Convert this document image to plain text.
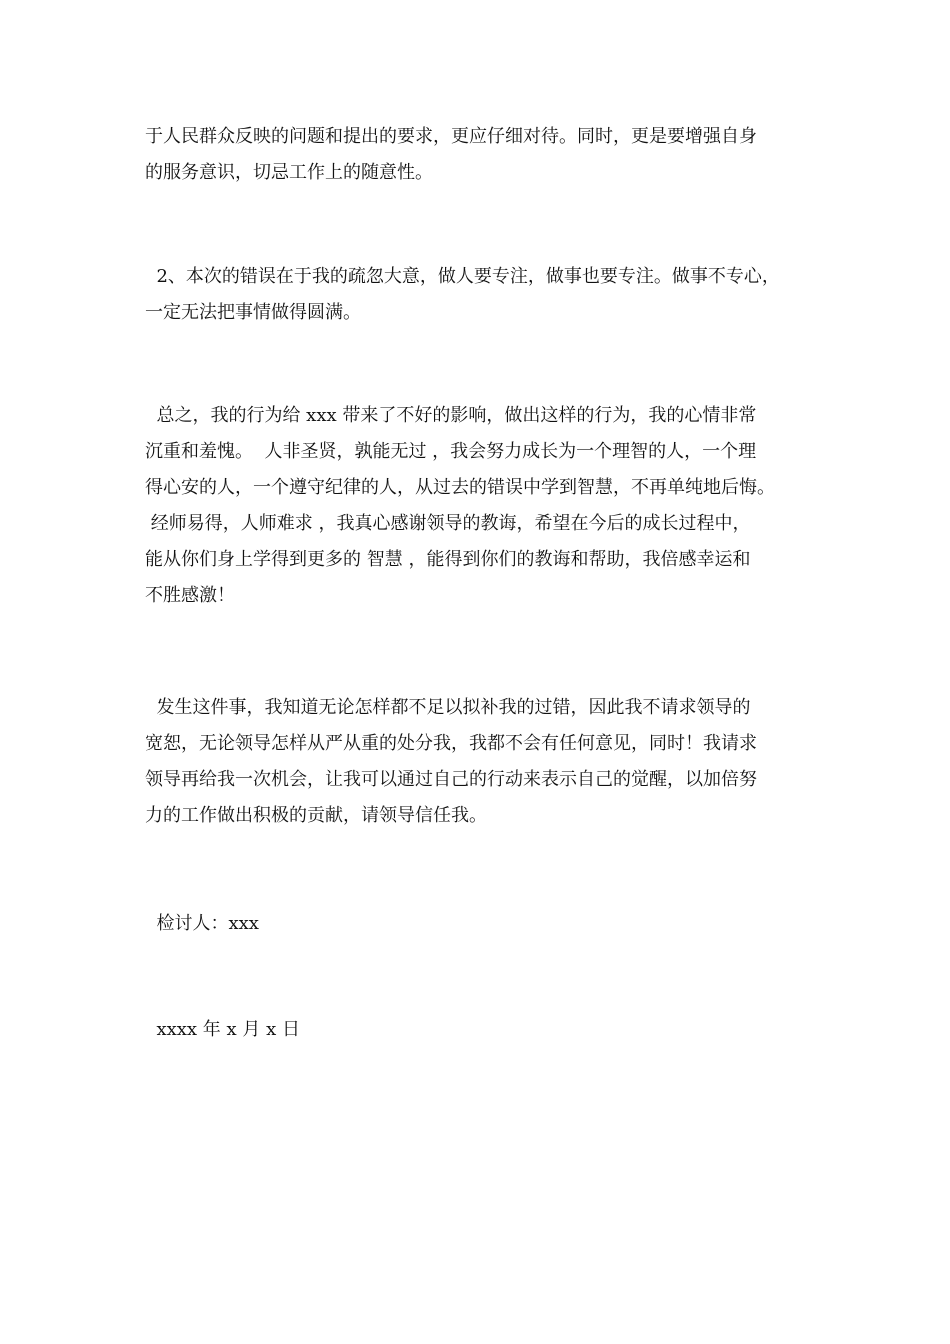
于人民群众反映的问题和提出的要求，更应仔细对待。同时，更是要增强自身
的服务意识，切忌工作上的随意性。

2、本次的错误在于我的疏忽大意，做人要专注，做事也要专注。做事不专心，
一定无法把事情做得圆满。

总之，我的行为给 xxx 带来了不好的影响，做出这样的行为，我的心情非常
沉重和羞愧。  人非圣贤，孰能无过 ，我会努力成长为一个理智的人，一个理
得心安的人，一个遵守纪律的人，从过去的错误中学到智慧，不再单纯地后悔。
经师易得，人师难求 ，我真心感谢领导的教诲，希望在今后的成长过程中，
能从你们身上学得到更多的 智慧 ，能得到你们的教诲和帮助，我倍感幸运和
不胜感激！

发生这件事，我知道无论怎样都不足以拟补我的过错，因此我不请求领导的
宽恕，无论领导怎样从严从重的处分我，我都不会有任何意见，同时！我请求
领导再给我一次机会，让我可以通过自己的行动来表示自己的觉醒，以加倍努
力的工作做出积极的贡献，请领导信任我。

检讨人：xxx

xxxx 年 x 月 x 日
